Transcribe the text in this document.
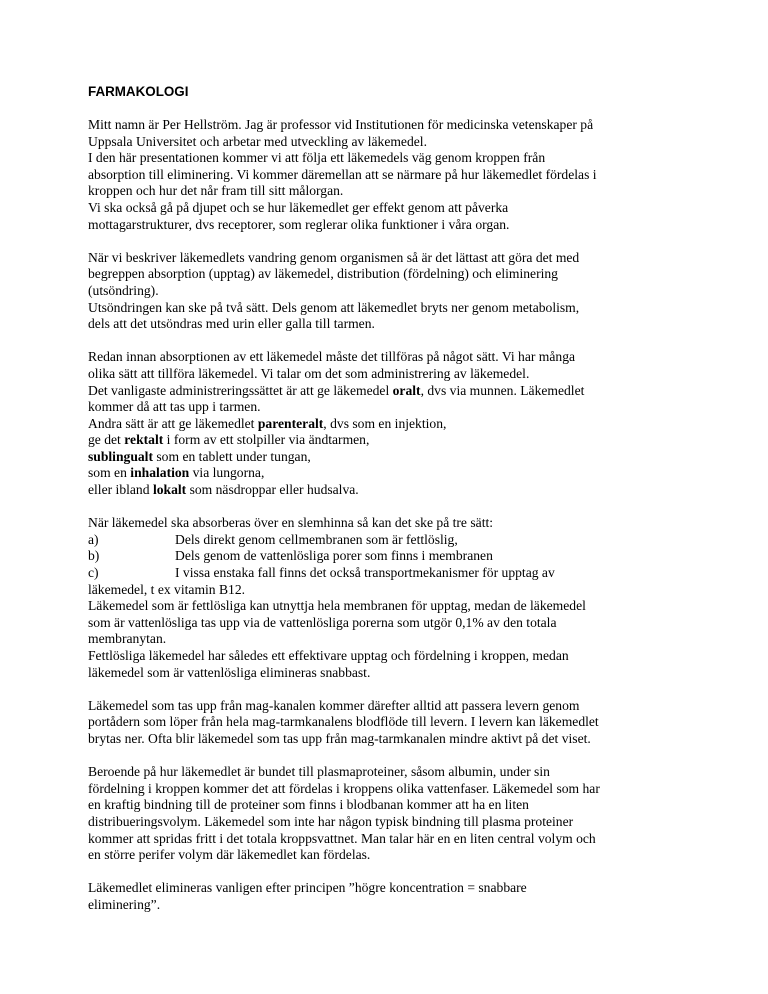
FARMAKOLOGI

Mitt namn är Per Hellström. Jag är professor vid Institutionen för medicinska vetenskaper på
Uppsala Universitet och arbetar med utveckling av läkemedel.
I den här presentationen kommer vi att följa ett läkemedels väg genom kroppen från
absorption till eliminering. Vi kommer däremellan att se närmare på hur läkemedlet fördelas i
kroppen och hur det når fram till sitt målorgan.
Vi ska också gå på djupet och se hur läkemedlet ger effekt genom att påverka
mottagarstrukturer, dvs receptorer, som reglerar olika funktioner i våra organ.

När vi beskriver läkemedlets vandring genom organismen så är det lättast att göra det med
begreppen absorption (upptag) av läkemedel, distribution (fördelning) och eliminering
(utsöndring).
Utsöndringen kan ske på två sätt. Dels genom att läkemedlet bryts ner genom metabolism,
dels att det utsöndras med urin eller galla till tarmen.

Redan innan absorptionen av ett läkemedel måste det tillföras på något sätt. Vi har många
olika sätt att tillföra läkemedel. Vi talar om det som administrering av läkemedel.
Det vanligaste administreringssättet är att ge läkemedel oralt, dvs via munnen. Läkemedlet
kommer då att tas upp i tarmen.
Andra sätt är att ge läkemedlet parenteralt, dvs som en injektion,
ge det rektalt i form av ett stolpiller via ändtarmen,
sublingualt som en tablett under tungan,
som en inhalation via lungorna,
eller ibland lokalt som näsdroppar eller hudsalva.

När läkemedel ska absorberas över en slemhinna så kan det ske på tre sätt:
a)	Dels direkt genom cellmembranen som är fettlöslig,
b)	Dels genom de vattenlösliga porer som finns i membranen
c)	I vissa enstaka fall finns det också transportmekanismer för upptag av
läkemedel, t ex vitamin B12.
Läkemedel som är fettlösliga kan utnyttja hela membranen för upptag, medan de läkemedel
som är vattenlösliga tas upp via de vattenlösliga porerna som utgör 0,1% av den totala
membranytan.
Fettlösliga läkemedel har således ett effektivare upptag och fördelning i kroppen, medan
läkemedel som är vattenlösliga elimineras snabbast.

Läkemedel som tas upp från mag-kanalen kommer därefter alltid att passera levern genom
portådern som löper från hela mag-tarmkanalens blodflöde till levern. I levern kan läkemedlet
brytas ner. Ofta blir läkemedel som tas upp från mag-tarmkanalen mindre aktivt på det viset.

Beroende på hur läkemedlet är bundet till plasmaproteiner, såsom albumin, under sin
fördelning i kroppen kommer det att fördelas i kroppens olika vattenfaser. Läkemedel som har
en kraftig bindning till de proteiner som finns i blodbanan kommer att ha en liten
distribueringsvolym. Läkemedel som inte har någon typisk bindning till plasma proteiner
kommer att spridas fritt i det totala kroppsvattnet. Man talar här en en liten central volym och
en större perifer volym där läkemedlet kan fördelas.

Läkemedlet elimineras vanligen efter principen ”högre koncentration = snabbare
eliminering”.
